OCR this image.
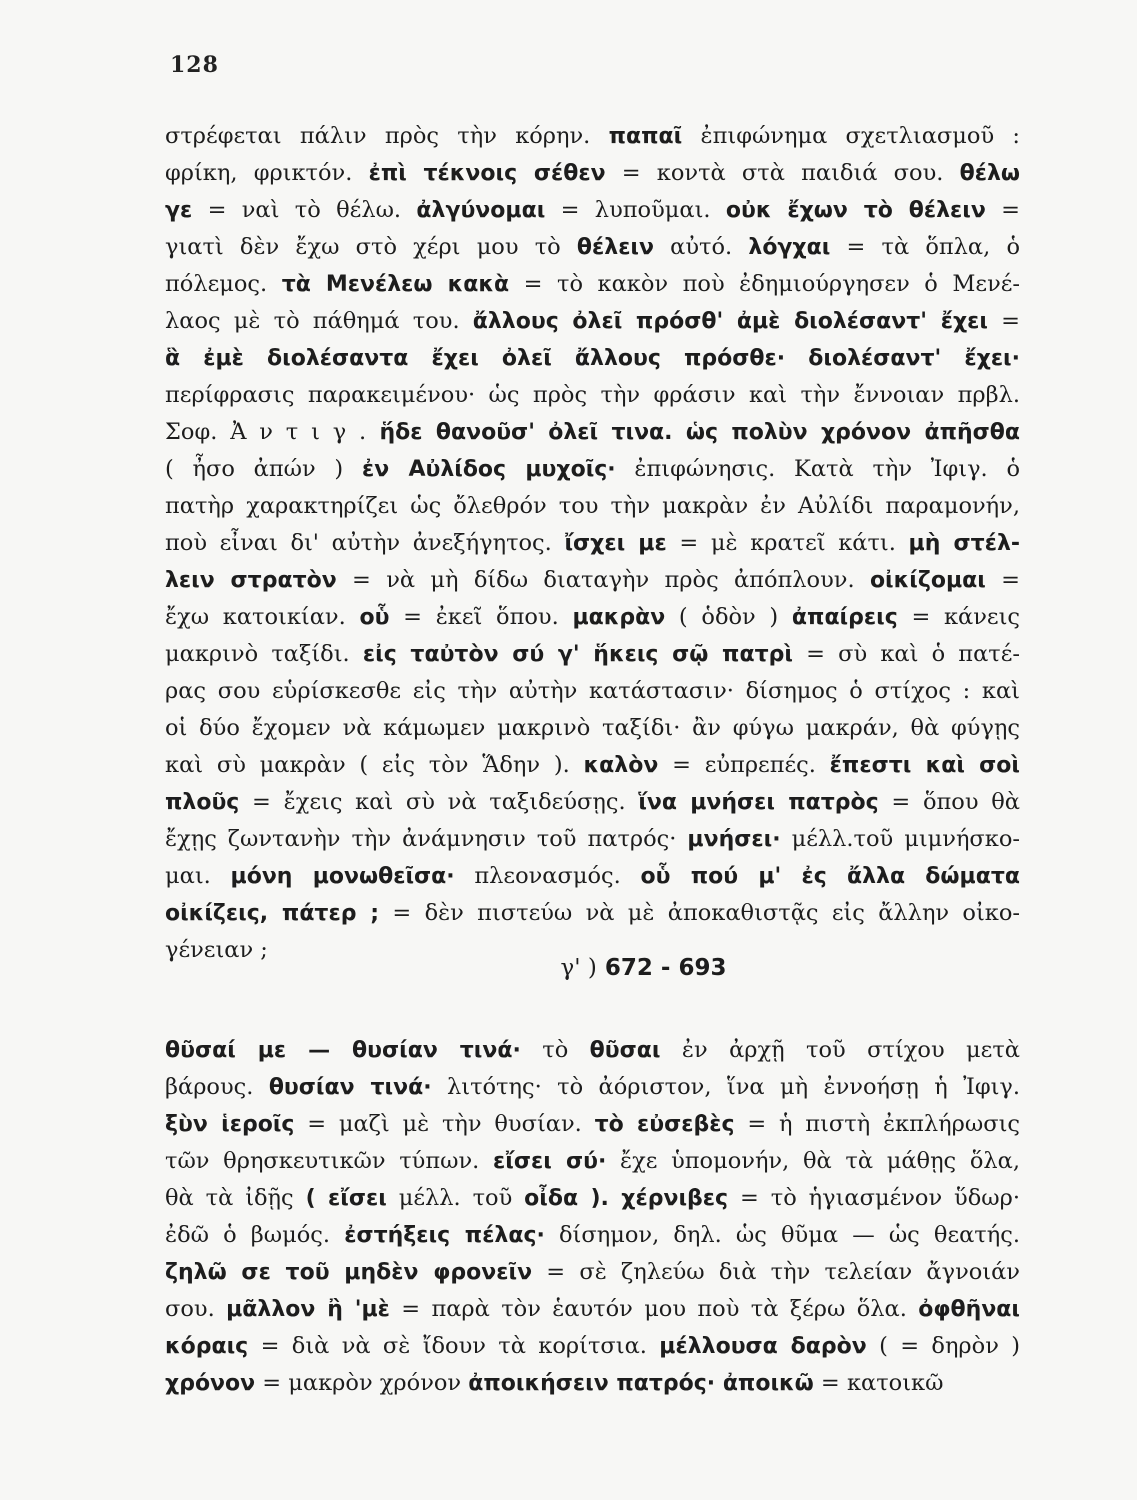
128
στρέφεται πάλιν πρὸς τὴν κόρην. παπαῖ ἐπιφώνημα σχετλιασμοῦ :
φρίκη, φρικτόν. ἐπὶ τέκνοις σέθεν = κοντὰ στὰ παιδιά σου. θέλω
γε = ναὶ τὸ θέλω. ἀλγύνομαι = λυποῦμαι. οὐκ ἔχων τὸ θέλειν =
γιατὶ δὲν ἔχω στὸ χέρι μου τὸ θέλειν αὐτό. λόγχαι = τὰ ὅπλα, ὁ
πόλεμος. τὰ Μενέλεω κακὰ = τὸ κακὸν ποὺ ἐδημιούργησεν ὁ Μενέ-
λαος μὲ τὸ πάθημά του. ἄλλους ὀλεῖ πρόσθ' ἀμὲ διολέσαντ' ἔχει =
ἃ ἐμὲ διολέσαντα ἔχει ὀλεῖ ἄλλους πρόσθε· διολέσαντ' ἔχει·
περίφρασις παρακειμένου· ὡς πρὸς τὴν φράσιν καὶ τὴν ἔννοιαν πρβλ.
Σοφ. Ἀ ν τ ι γ . ἥδε θανοῦσ' ὀλεῖ τινα. ὡς πολὺν χρόνον ἀπῆσθα
( ἦσο ἀπών ) ἐν Αὐλίδος μυχοῖς· ἐπιφώνησις. Κατὰ τὴν Ἰφιγ. ὁ
πατὴρ χαρακτηρίζει ὡς ὄλεθρόν του τὴν μακρὰν ἐν Αὐλίδι παραμονήν,
ποὺ εἶναι δι' αὐτὴν ἀνεξήγητος. ἴσχει με = μὲ κρατεῖ κάτι. μὴ στέλ-
λειν στρατὸν = νὰ μὴ δίδω διαταγὴν πρὸς ἀπόπλουν. οἰκίζομαι =
ἔχω κατοικίαν. οὗ = ἐκεῖ ὅπου. μακρὰν ( ὁδὸν ) ἀπαίρεις = κάνεις
μακρινὸ ταξίδι. εἰς ταὐτὸν σύ γ' ἥκεις σῷ πατρὶ = σὺ καὶ ὁ πατέ-
ρας σου εὑρίσκεσθε εἰς τὴν αὐτὴν κατάστασιν· δίσημος ὁ στίχος : καὶ
οἱ δύο ἔχομεν νὰ κάμωμεν μακρινὸ ταξίδι· ἂν φύγω μακράν, θὰ φύγῃς
καὶ σὺ μακρὰν ( εἰς τὸν Ἅδην ). καλὸν = εὐπρεπές. ἔπεστι καὶ σοὶ
πλοῦς = ἔχεις καὶ σὺ νὰ ταξιδεύσῃς. ἵνα μνήσει πατρὸς = ὅπου θὰ
ἔχῃς ζωντανὴν τὴν ἀνάμνησιν τοῦ πατρός· μνήσει· μέλλ.τοῦ μιμνήσκο-
μαι. μόνη μονωθεῖσα· πλεονασμός. οὗ πού μ' ἐς ἄλλα δώματα
οἰκίζεις, πάτερ ; = δὲν πιστεύω νὰ μὲ ἀποκαθιστᾷς εἰς ἄλλην οἰκο-
γένειαν ;
γ' ) 672 - 693
θῦσαί με — θυσίαν τινά· τὸ θῦσαι ἐν ἀρχῇ τοῦ στίχου μετὰ
βάρους. θυσίαν τινά· λιτότης· τὸ ἀόριστον, ἵνα μὴ ἐννοήσῃ ἡ Ἰφιγ.
ξὺν ἱεροῖς = μαζὶ μὲ τὴν θυσίαν. τὸ εὐσεβὲς = ἡ πιστὴ ἐκπλήρωσις
τῶν θρησκευτικῶν τύπων. εἴσει σύ· ἔχε ὑπομονήν, θὰ τὰ μάθῃς ὅλα,
θὰ τὰ ἰδῇς ( εἴσει μέλλ. τοῦ οἶδα ). χέρνιβες = τὸ ἡγιασμένον ὕδωρ·
ἐδῶ ὁ βωμός. ἐστήξεις πέλας· δίσημον, δηλ. ὡς θῦμα — ὡς θεατής.
ζηλῶ σε τοῦ μηδὲν φρονεῖν = σὲ ζηλεύω διὰ τὴν τελείαν ἄγνοιάν
σου. μᾶλλον ἢ 'μὲ = παρὰ τὸν ἑαυτόν μου ποὺ τὰ ξέρω ὅλα. ὀφθῆναι
κόραις = διὰ νὰ σὲ ἴδουν τὰ κορίτσια. μέλλουσα δαρὸν ( = δηρὸν )
χρόνον = μακρὸν χρόνον ἀποικήσειν πατρός· ἀποικῶ = κατοικῶ
